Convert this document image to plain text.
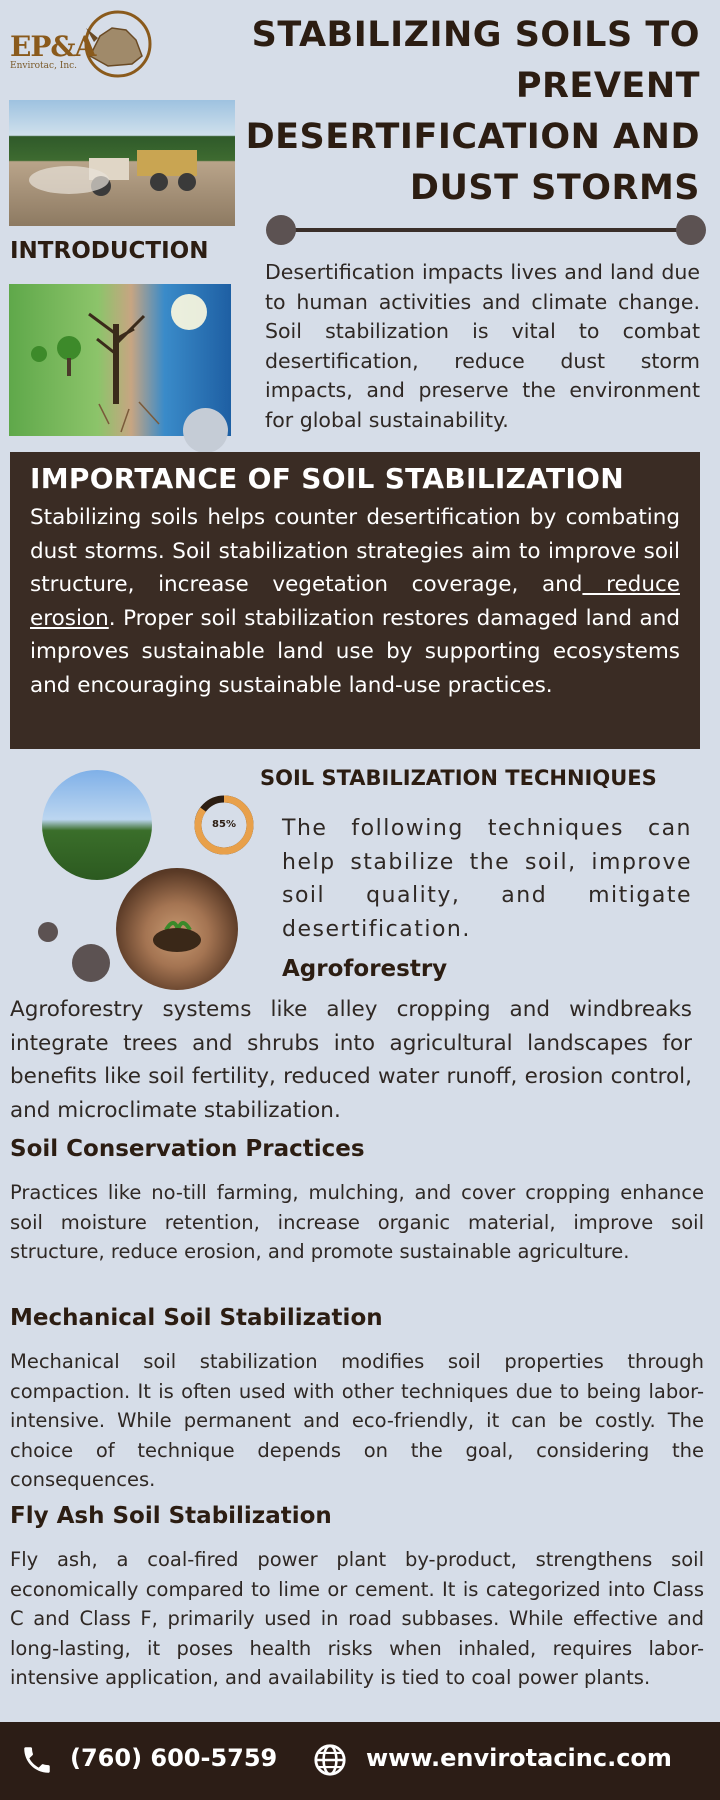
EP&A
Envirotac, Inc.
STABILIZING SOILS TO PREVENT DESERTIFICATION AND DUST STORMS
INTRODUCTION
Desertification impacts lives and land due to human activities and climate change. Soil stabilization is vital to combat desertification, reduce dust storm impacts, and preserve the environment for global sustainability.
IMPORTANCE OF SOIL STABILIZATION

Stabilizing soils helps counter desertification by combating dust storms. Soil stabilization strategies aim to improve soil structure, increase vegetation coverage, and reduce erosion. Proper soil stabilization restores damaged land and improves sustainable land use by supporting ecosystems and encouraging sustainable land-use practices.

85%
SOIL STABILIZATION TECHNIQUES
The following techniques can help stabilize the soil, improve soil quality, and mitigate desertification.
Agroforestry
Agroforestry systems like alley cropping and windbreaks integrate trees and shrubs into agricultural landscapes for benefits like soil fertility, reduced water runoff, erosion control, and microclimate stabilization.
Soil Conservation Practices
Practices like no-till farming, mulching, and cover cropping enhance soil moisture retention, increase organic material, improve soil structure, reduce erosion, and promote sustainable agriculture.
Mechanical Soil Stabilization
Mechanical soil stabilization modifies soil properties through compaction. It is often used with other techniques due to being labor-intensive. While permanent and eco-friendly, it can be costly. The choice of technique depends on the goal, considering the consequences.
Fly Ash Soil Stabilization
Fly ash, a coal-fired power plant by-product, strengthens soil economically compared to lime or cement. It is categorized into Class C and Class F, primarily used in road subbases. While effective and long-lasting, it poses health risks when inhaled, requires labor-intensive application, and availability is tied to coal power plants.
(760) 600-5759	www.envirotacinc.com
